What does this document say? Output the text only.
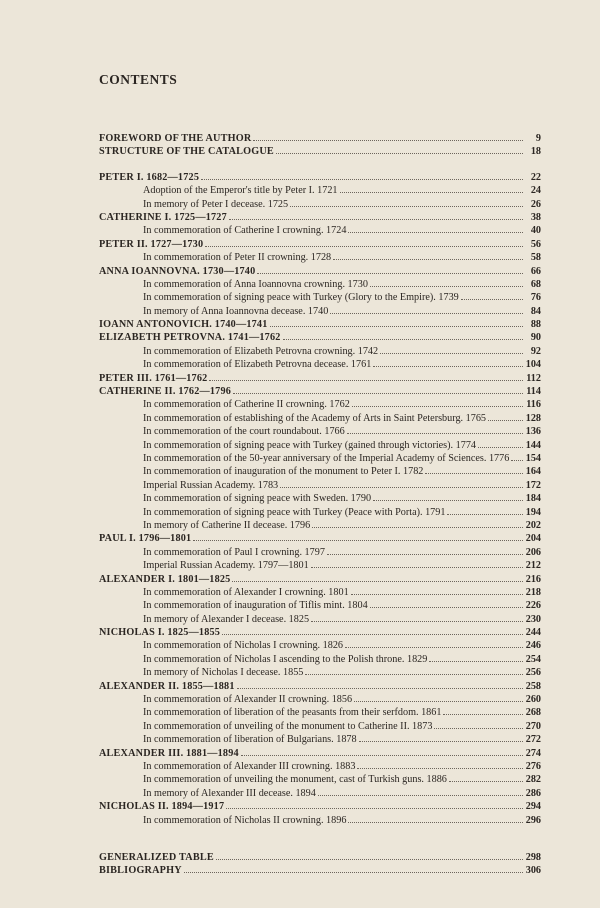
CONTENTS
FOREWORD OF THE AUTHOR	9
STRUCTURE OF THE CATALOGUE	18
PETER I. 1682—1725	22
Adoption of the Emperor's title by Peter I. 1721	24
In memory of Peter I decease. 1725	26
CATHERINE I. 1725—1727	38
In commemoration of Catherine I crowning. 1724	40
PETER II. 1727—1730	56
In commemoration of Peter II crowning. 1728	58
ANNA IOANNOVNA. 1730—1740	66
In commemoration of Anna Ioannovna crowning. 1730	68
In commemoration of signing peace with Turkey (Glory to the Empire). 1739	76
In memory of Anna Ioannovna decease. 1740	84
IOANN ANTONOVICH. 1740—1741	88
ELIZABETH PETROVNA. 1741—1762	90
In commemoration of Elizabeth Petrovna crowning. 1742	92
In commemoration of Elizabeth Petrovna decease. 1761	104
PETER III. 1761—1762	112
CATHERINE II. 1762—1796	114
In commemoration of Catherine II crowning. 1762	116
In commemoration of establishing of the Academy of Arts in Saint Petersburg. 1765	128
In commemoration of the court roundabout. 1766	136
In commemoration of signing peace with Turkey (gained through victories). 1774	144
In commemoration of the 50-year anniversary of the Imperial Academy of Sciences. 1776 154
In commemoration of inauguration of the monument to Peter I. 1782	164
Imperial Russian Academy. 1783	172
In commemoration of signing peace with Sweden. 1790	184
In commemoration of signing peace with Turkey (Peace with Porta). 1791	194
In memory of Catherine II decease. 1796	202
PAUL I. 1796—1801	204
In commemoration of Paul I crowning. 1797	206
Imperial Russian Academy. 1797—1801	212
ALEXANDER I. 1801—1825	216
In commemoration of Alexander I crowning. 1801	218
In commemoration of inauguration of Tiflis mint. 1804	226
In memory of Alexander I decease. 1825	230
NICHOLAS I. 1825—1855	244
In commemoration of Nicholas I crowning. 1826	246
In commemoration of Nicholas I ascending to the Polish throne. 1829	254
In memory of Nicholas I decease. 1855	256
ALEXANDER II. 1855—1881	258
In commemoration of Alexander II crowning. 1856	260
In commemoration of liberation of the peasants from their serfdom. 1861	268
In commemoration of unveiling of the monument to Catherine II. 1873	270
In commemoration of liberation of Bulgarians. 1878	272
ALEXANDER III. 1881—1894	274
In commemoration of Alexander III crowning. 1883	276
In commemoration of unveiling the monument, cast of Turkish guns. 1886	282
In memory of Alexander III decease. 1894	286
NICHOLAS II. 1894—1917	294
In commemoration of Nicholas II crowning. 1896	296
GENERALIZED TABLE	298
BIBLIOGRAPHY	306
